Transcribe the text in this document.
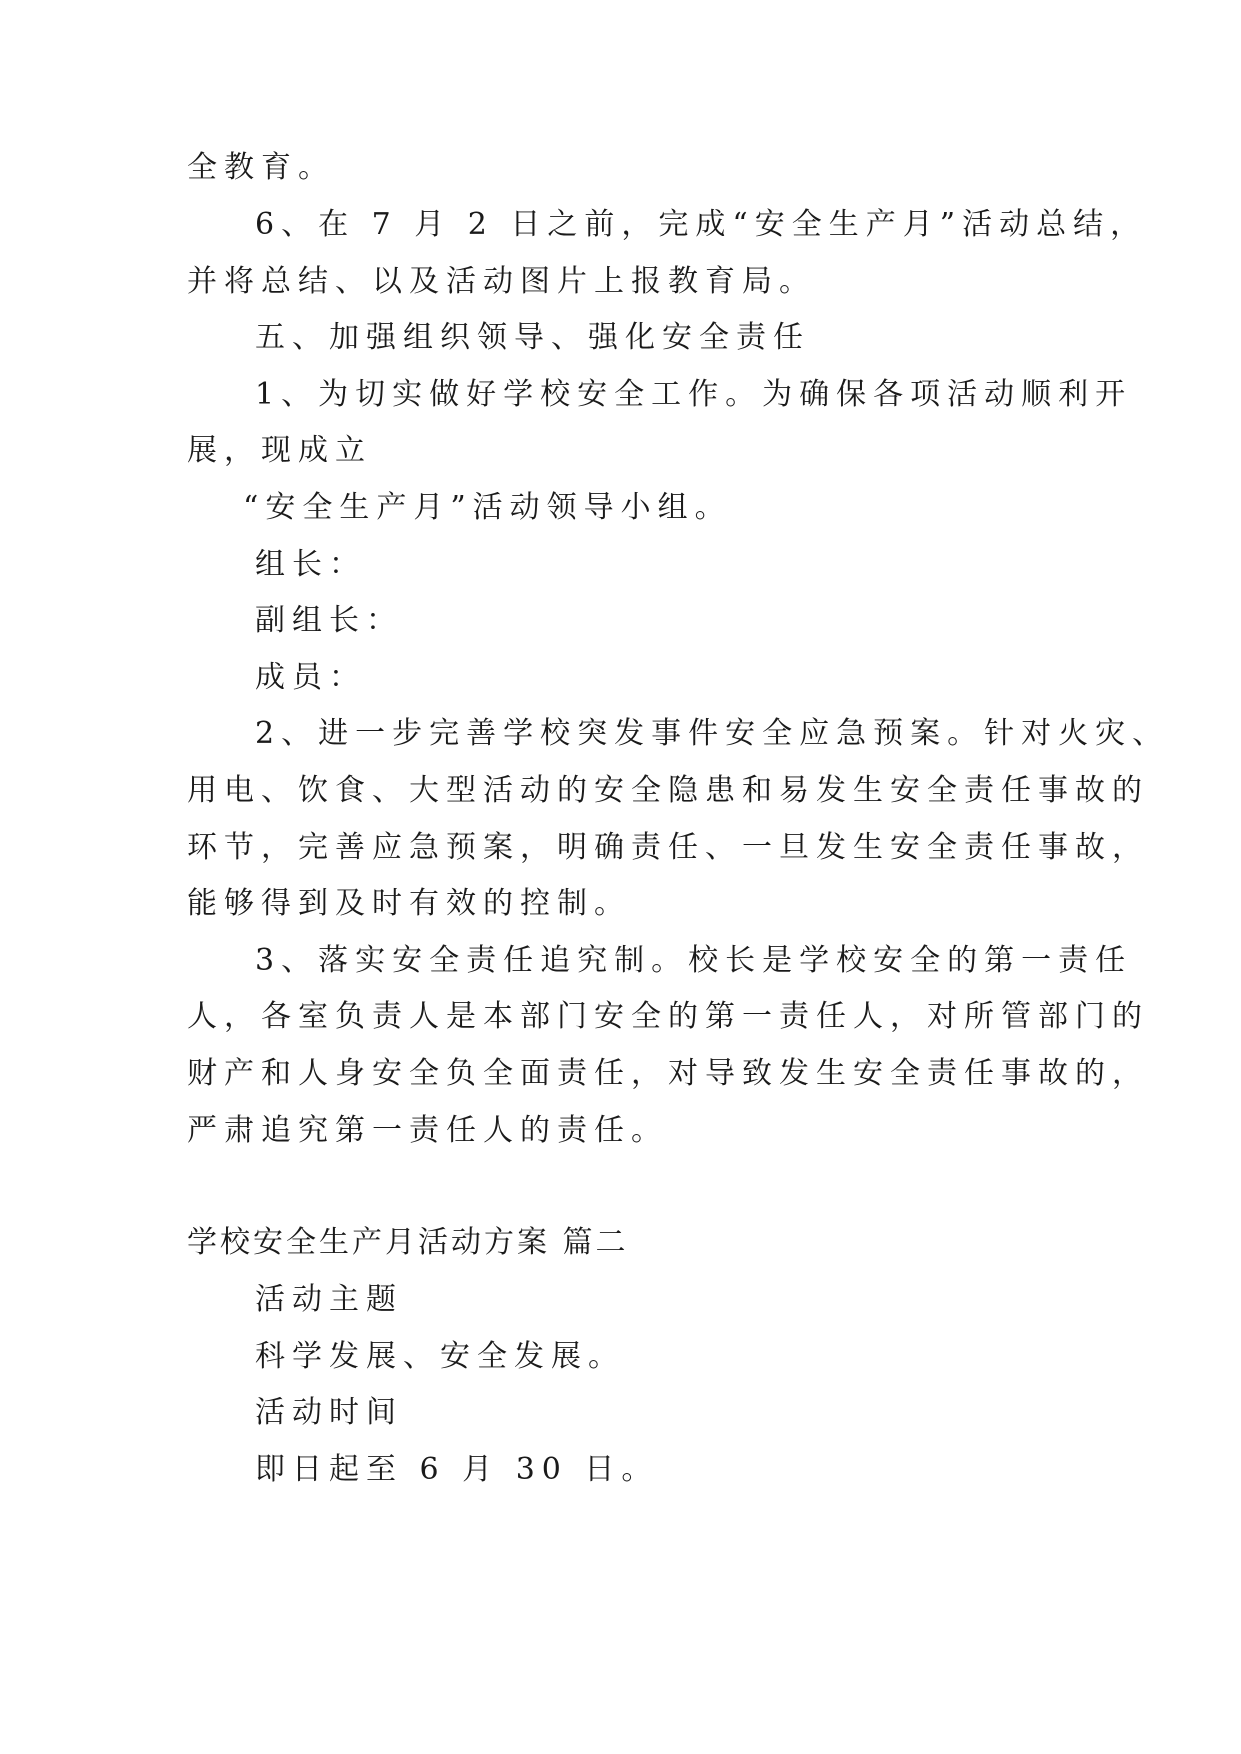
全教育。
6、在 7 月 2 日之前，完成“安全生产月”活动总结，
并将总结、以及活动图片上报教育局。
五、加强组织领导、强化安全责任
1、为切实做好学校安全工作。为确保各项活动顺利开
展，现成立
“安全生产月”活动领导小组。
组长：
副组长：
成员：
2、进一步完善学校突发事件安全应急预案。针对火灾、
用电、饮食、大型活动的安全隐患和易发生安全责任事故的
环节，完善应急预案，明确责任、一旦发生安全责任事故，
能够得到及时有效的控制。
3、落实安全责任追究制。校长是学校安全的第一责任
人，各室负责人是本部门安全的第一责任人，对所管部门的
财产和人身安全负全面责任，对导致发生安全责任事故的，
严肃追究第一责任人的责任。
学校安全生产月活动方案 篇二
活动主题
科学发展、安全发展。
活动时间
即日起至 6 月 30 日。
